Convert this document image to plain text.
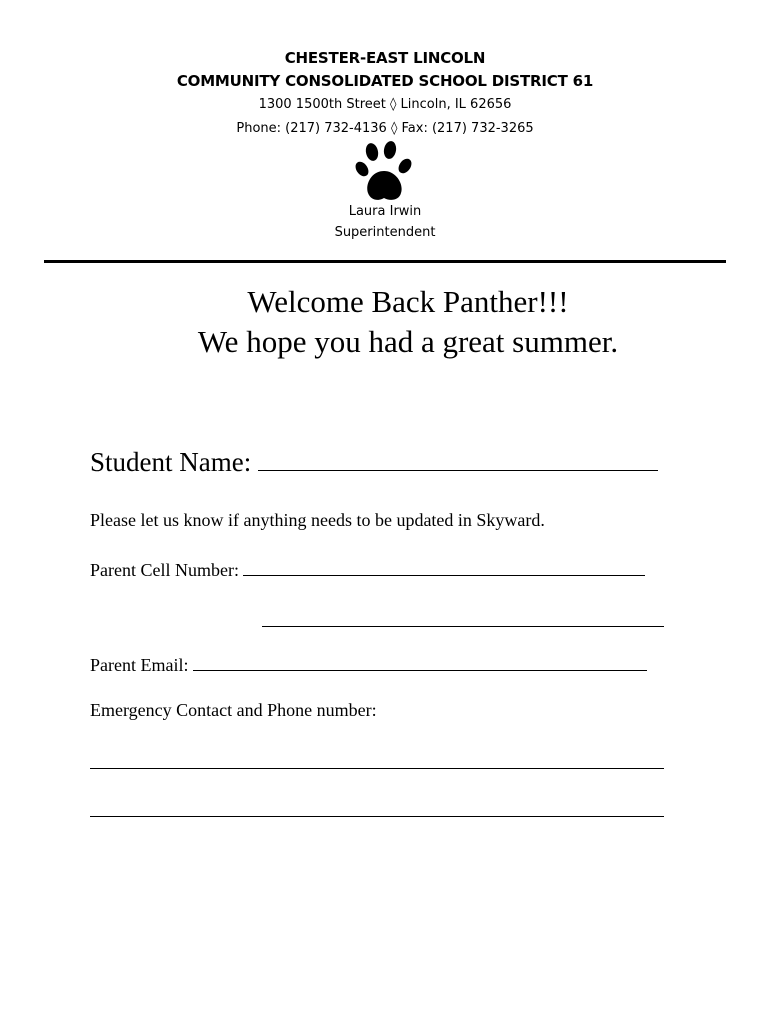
CHESTER-EAST LINCOLN
COMMUNITY CONSOLIDATED SCHOOL DISTRICT 61
1300 1500th Street ◊ Lincoln, IL 62656
Phone: (217) 732-4136 ◊ Fax: (217) 732-3265
Laura Irwin
Superintendent
Welcome Back Panther!!!
We hope you had a great summer.
Student Name:
Please let us know if anything needs to be updated in Skyward.
Parent Cell Number:
Parent Email:
Emergency Contact and Phone number:
